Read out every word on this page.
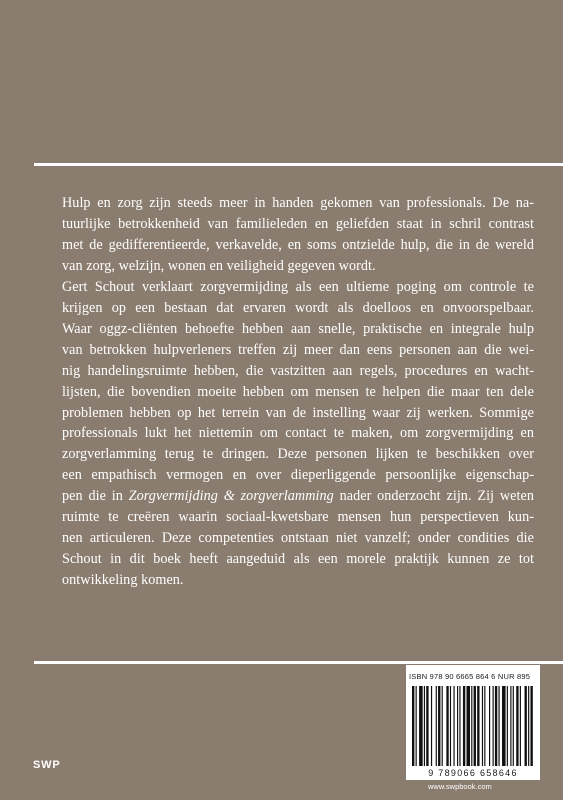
Hulp en zorg zijn steeds meer in handen gekomen van professionals. De na-
tuurlijke betrokkenheid van familieleden en geliefden staat in schril contrast
met de gedifferentieerde, verkavelde, en soms ontzielde hulp, die in de wereld
van zorg, welzijn, wonen en veiligheid gegeven wordt.
Gert Schout verklaart zorgvermijding als een ultieme poging om controle te
krijgen op een bestaan dat ervaren wordt als doelloos en onvoorspelbaar.
Waar oggz-cliënten behoefte hebben aan snelle, praktische en integrale hulp
van betrokken hulpverleners treffen zij meer dan eens personen aan die wei-
nig handelingsruimte hebben, die vastzitten aan regels, procedures en wacht-
lijsten, die bovendien moeite hebben om mensen te helpen die maar ten dele
problemen hebben op het terrein van de instelling waar zij werken. Sommige
professionals lukt het niettemin om contact te maken, om zorgvermijding en
zorgverlamming terug te dringen. Deze personen lijken te beschikken over
een empathisch vermogen en over dieperliggende persoonlijke eigenschap-
pen die in Zorgvermijding & zorgverlamming nader onderzocht zijn. Zij weten
ruimte te creëren waarin sociaal-kwetsbare mensen hun perspectieven kun-
nen articuleren. Deze competenties ontstaan niet vanzelf; onder condities die
Schout in dit boek heeft aangeduid als een morele praktijk kunnen ze tot
ontwikkeling komen.

ISBN 978 90 6665 864 6 NUR 895
9 789066 658646
www.swpbook.com
SWP
